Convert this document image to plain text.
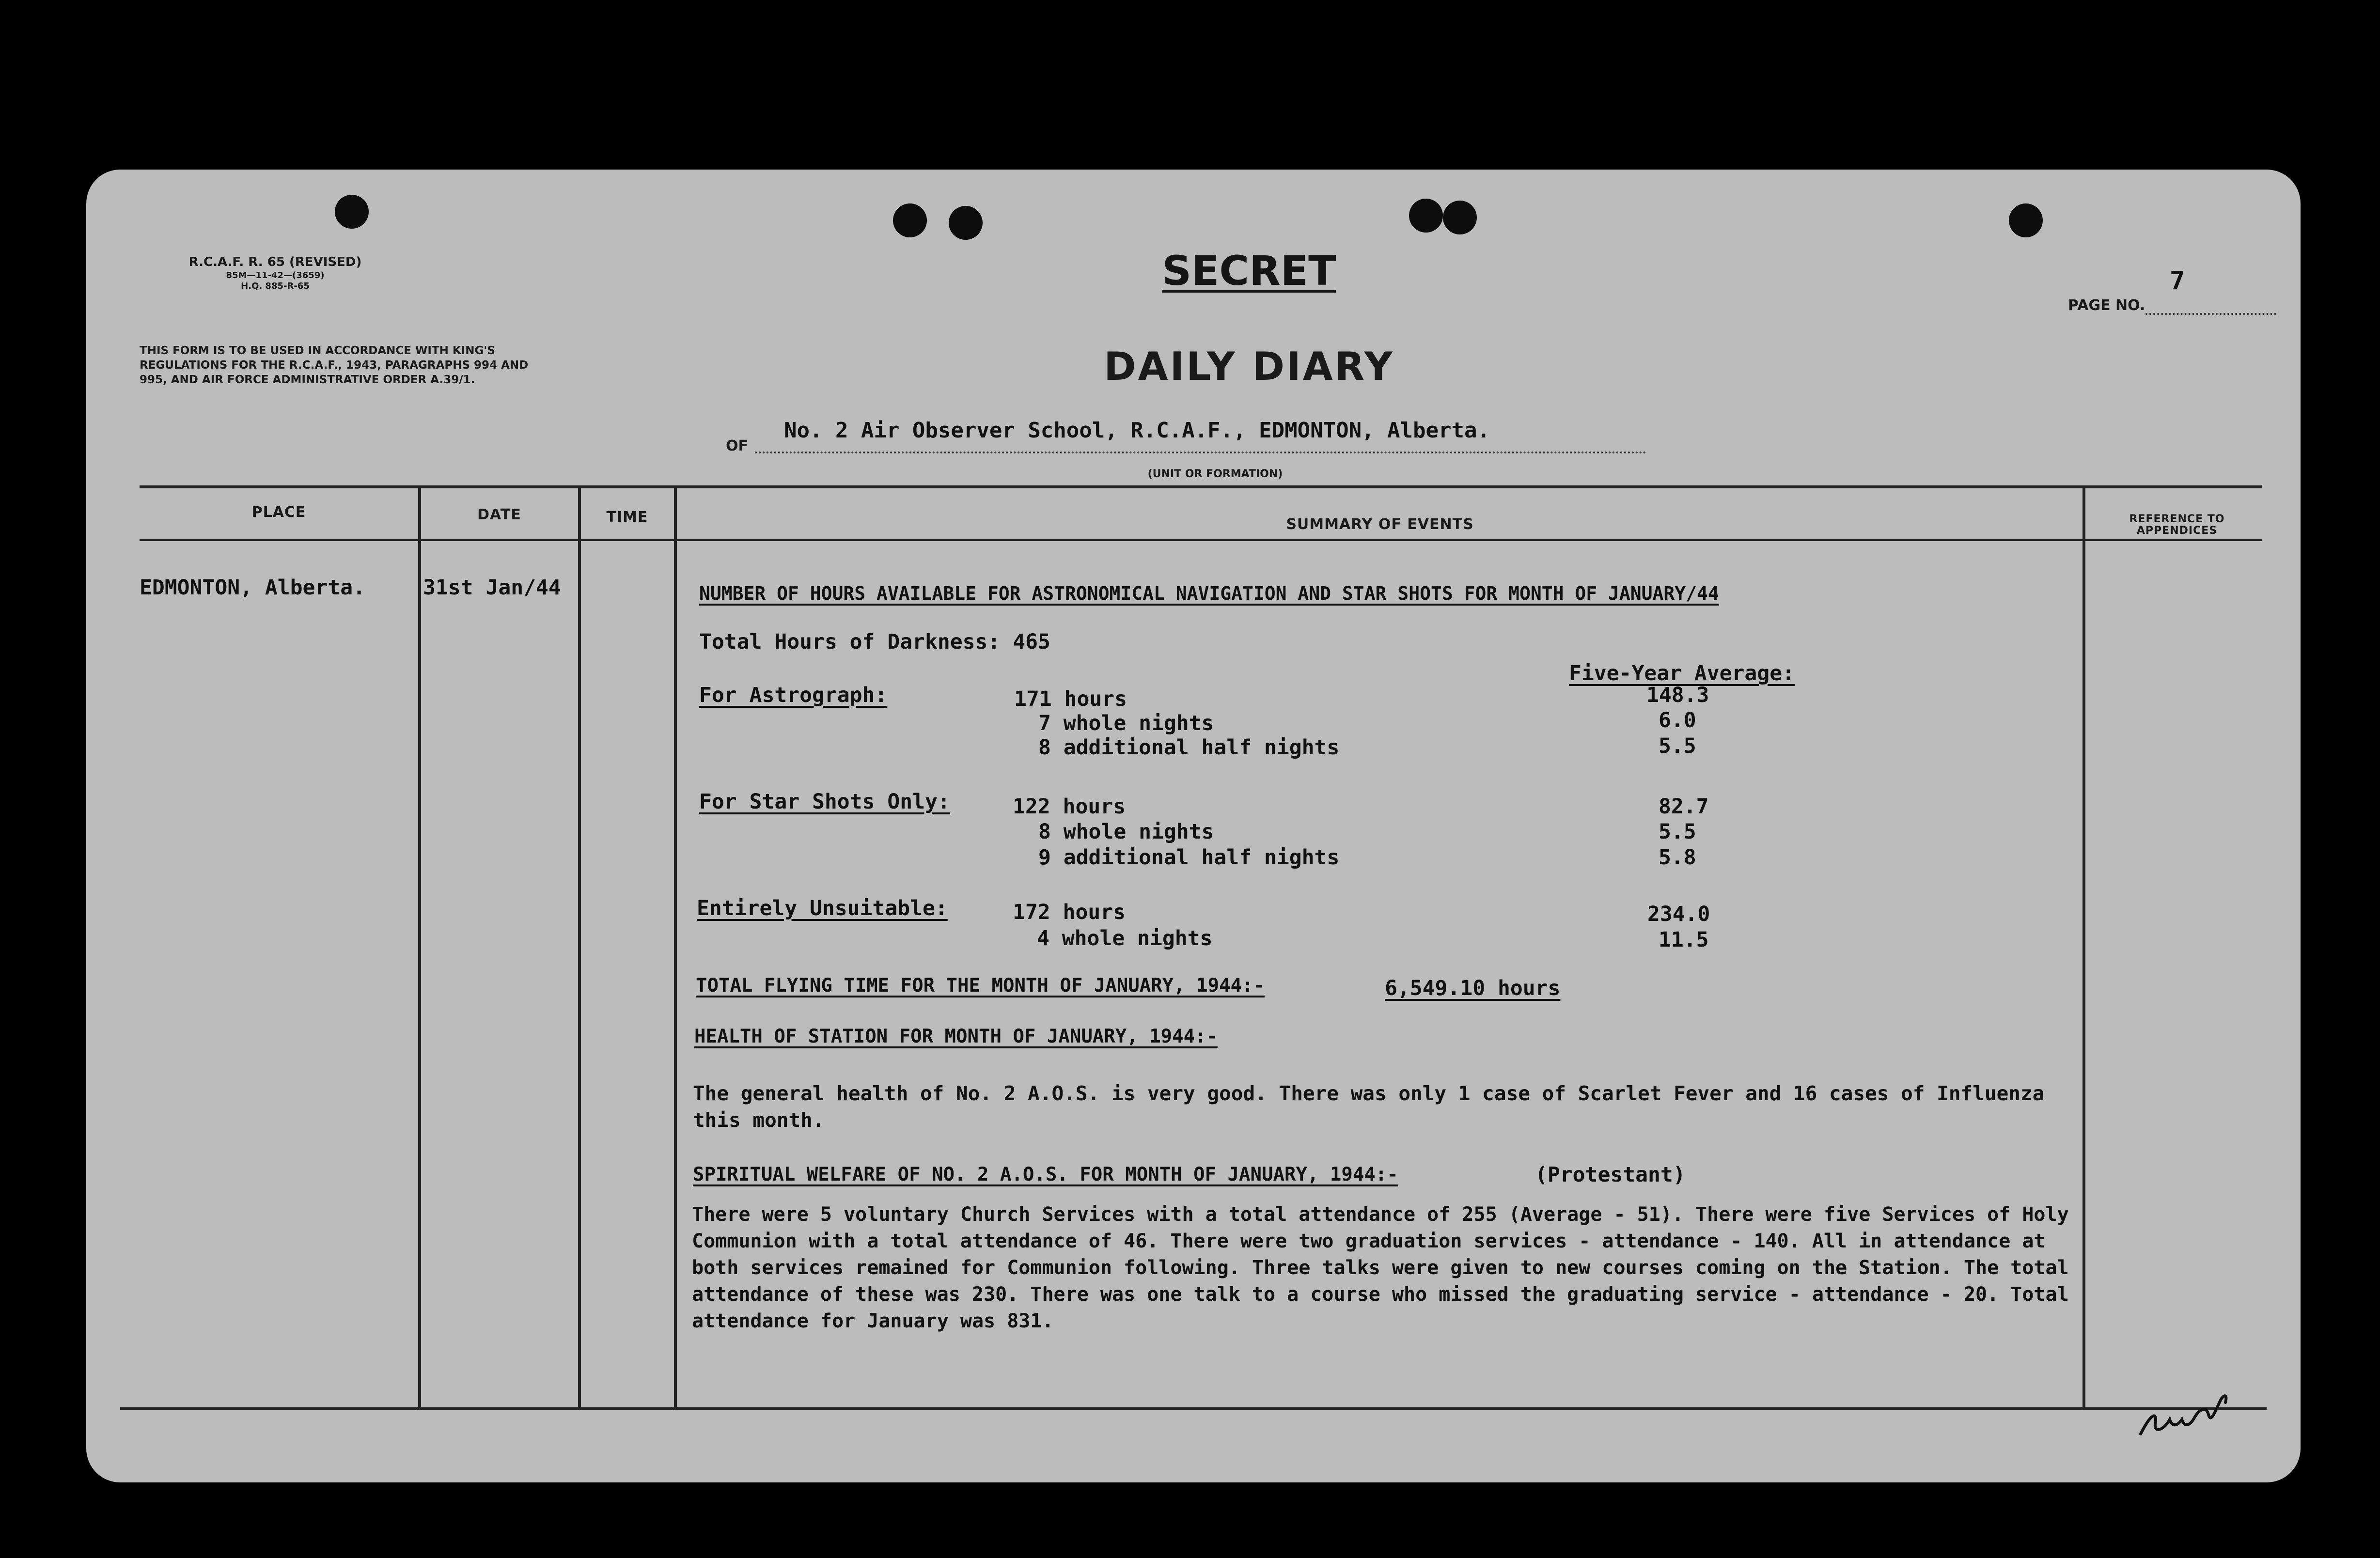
R.C.A.F. R. 65 (REVISED)
85M—11-42—(3659)
H.Q. 885-R-65	SECRET
PAGE NO.
7
THIS FORM IS TO BE USED IN ACCORDANCE WITH KING'S REGULATIONS FOR THE R.C.A.F., 1943, PARAGRAPHS 994 AND 995, AND AIR FORCE ADMINISTRATIVE ORDER A.39/1.	DAILY DIARY
OF
No. 2 Air Observer School, R.C.A.F., EDMONTON, Alberta.
(UNIT OR FORMATION)
PLACE	DATE	TIME	SUMMARY OF EVENTS	REFERENCE TO APPENDICES
EDMONTON, Alberta.	31st Jan/44	NUMBER OF HOURS AVAILABLE FOR ASTRONOMICAL NAVIGATION AND STAR SHOTS FOR MONTH OF JANUARY/44
Total Hours of Darkness: 465
Five-Year Average:
For Astrograph:	171 hours	148.3
7 whole nights	6.0
8 additional half nights	5.5
For Star Shots Only:	122 hours	82.7
8 whole nights	5.5
9 additional half nights	5.8
Entirely Unsuitable:	172 hours	234.0
4 whole nights	11.5
TOTAL FLYING TIME FOR THE MONTH OF JANUARY, 1944:-	6,549.10 hours
HEALTH OF STATION FOR MONTH OF JANUARY, 1944:-
The general health of No. 2 A.O.S. is very good. There was only 1 case of Scarlet Fever and 16 cases of Influenza this month.
SPIRITUAL WELFARE OF NO. 2 A.O.S. FOR MONTH OF JANUARY, 1944:-	(Protestant)
There were 5 voluntary Church Services with a total attendance of 255 (Average - 51). There were five Services of Holy Communion with a total attendance of 46. There were two graduation services - attendance - 140. All in attendance at both services remained for Communion following. Three talks were given to new courses coming on the Station. The total attendance of these was 230. There was one talk to a course who missed the graduating service - attendance - 20. Total attendance for January was 831.
